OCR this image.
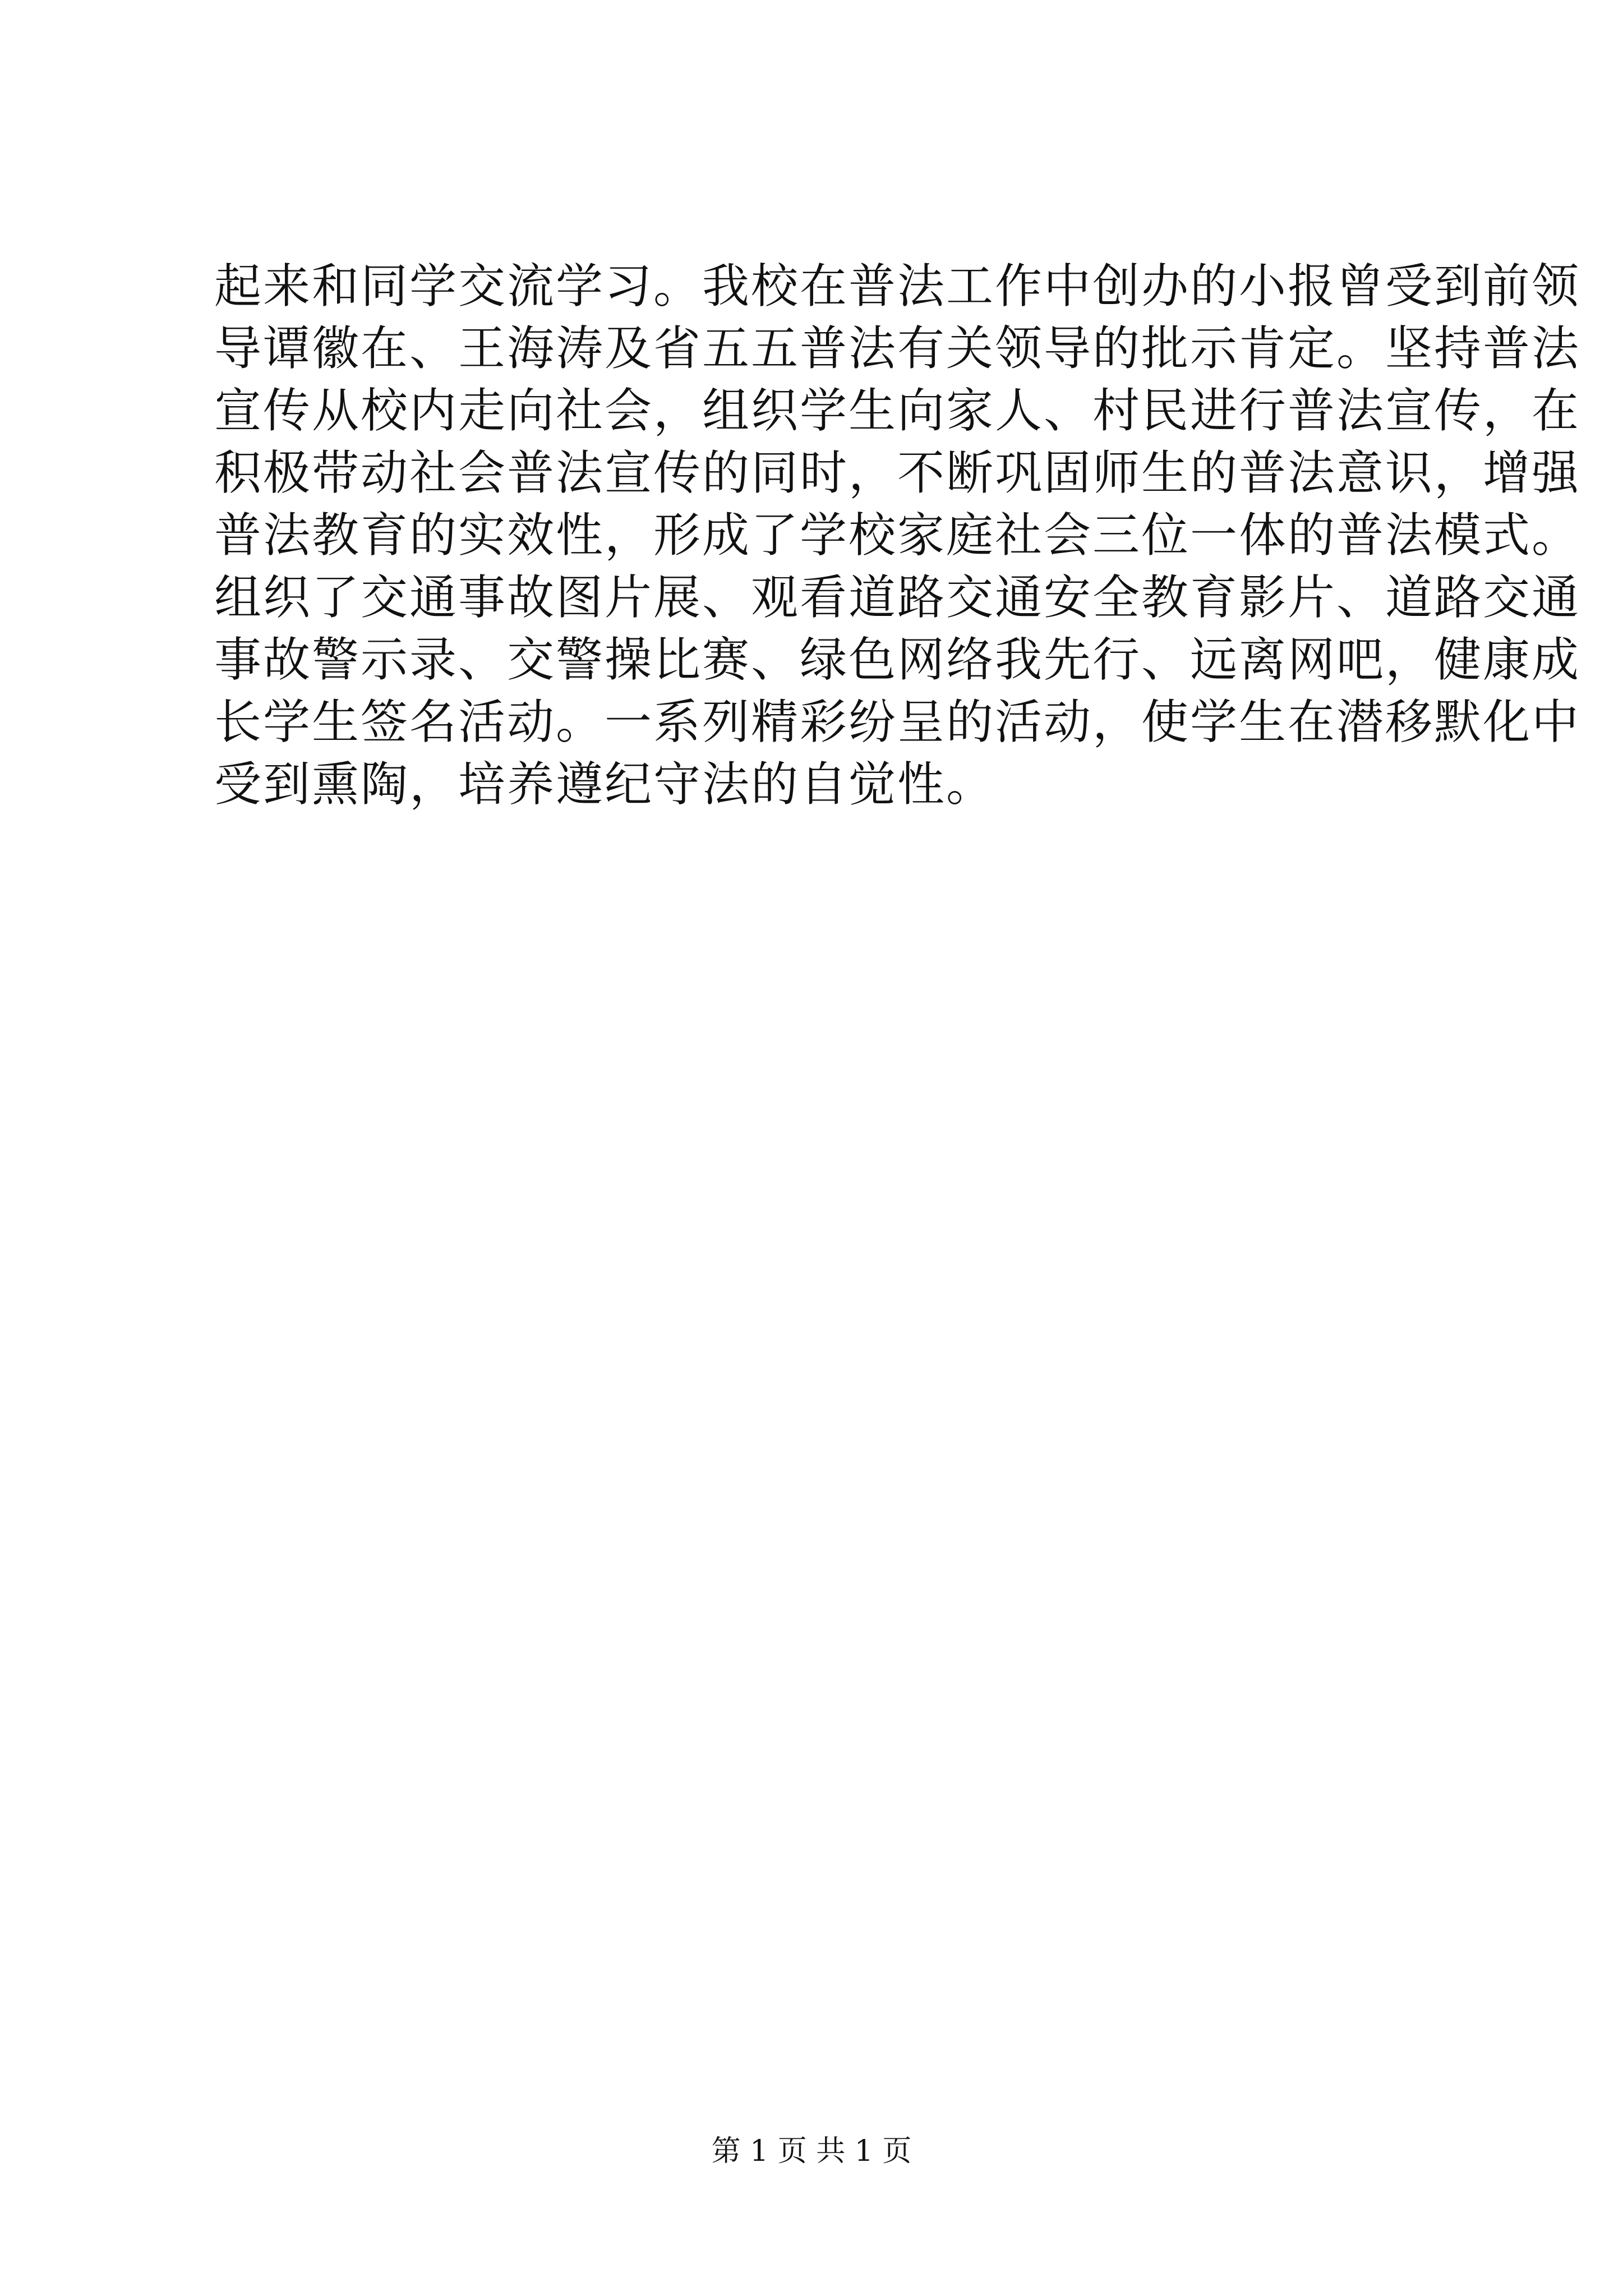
起来和同学交流学习。我校在普法工作中创办的小报曾受到前领
导谭徽在、王海涛及省五五普法有关领导的批示肯定。坚持普法
宣传从校内走向社会，组织学生向家人、村民进行普法宣传，在
积极带动社会普法宣传的同时，不断巩固师生的普法意识，增强
普法教育的实效性，形成了学校家庭社会三位一体的普法模式。
组织了交通事故图片展、观看道路交通安全教育影片、道路交通
事故警示录、交警操比赛、绿色网络我先行、远离网吧，健康成
长学生签名活动。一系列精彩纷呈的活动，使学生在潜移默化中
受到熏陶，培养遵纪守法的自觉性。
第 1 页 共 1 页
